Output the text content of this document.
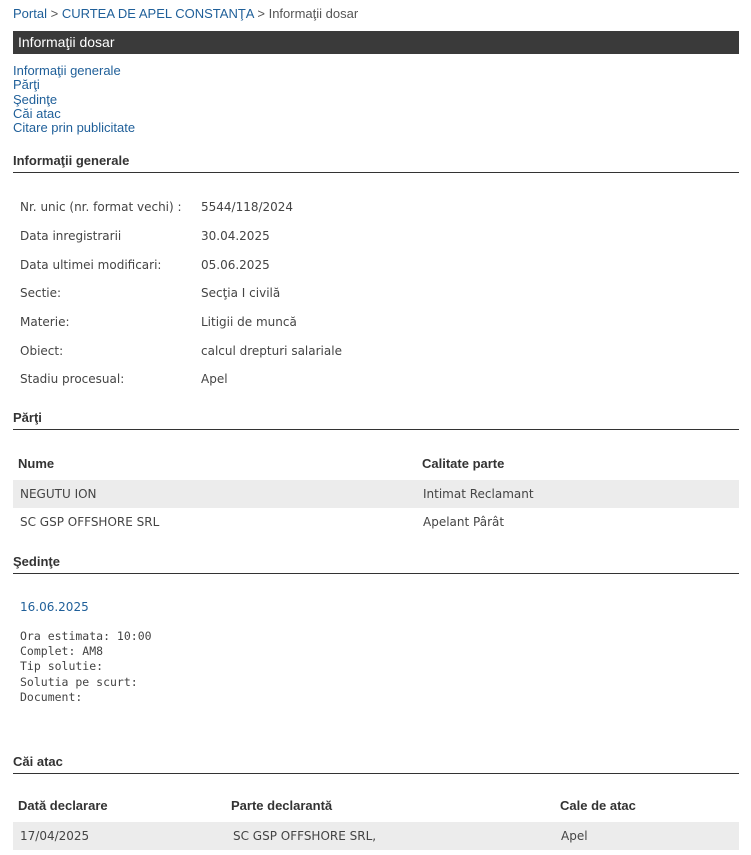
Portal > CURTEA DE APEL CONSTANŢA > Informaţii dosar
Informaţii dosar
Informaţii generale
Părţi
Şedinţe
Căi atac
Citare prin publicitate
Informaţii generale
Nr. unic (nr. format vechi) : 5544/118/2024
Data inregistrarii	30.04.2025
Data ultimei modificari:	05.06.2025
Sectie:	Secţia I civilă
Materie:	Litigii de muncă
Obiect:	calcul drepturi salariale
Stadiu procesual:	Apel
Părţi
Nume	Calitate parte
NEGUTU ION	Intimat Reclamant
SC GSP OFFSHORE SRL	Apelant Pârât
Şedinţe
16.06.2025
Ora estimata: 10:00
Complet: AM8
Tip solutie:
Solutia pe scurt:
Document:
Căi atac
Dată declarare	Parte declarantă	Cale de atac
17/04/2025	SC GSP OFFSHORE SRL,	Apel
